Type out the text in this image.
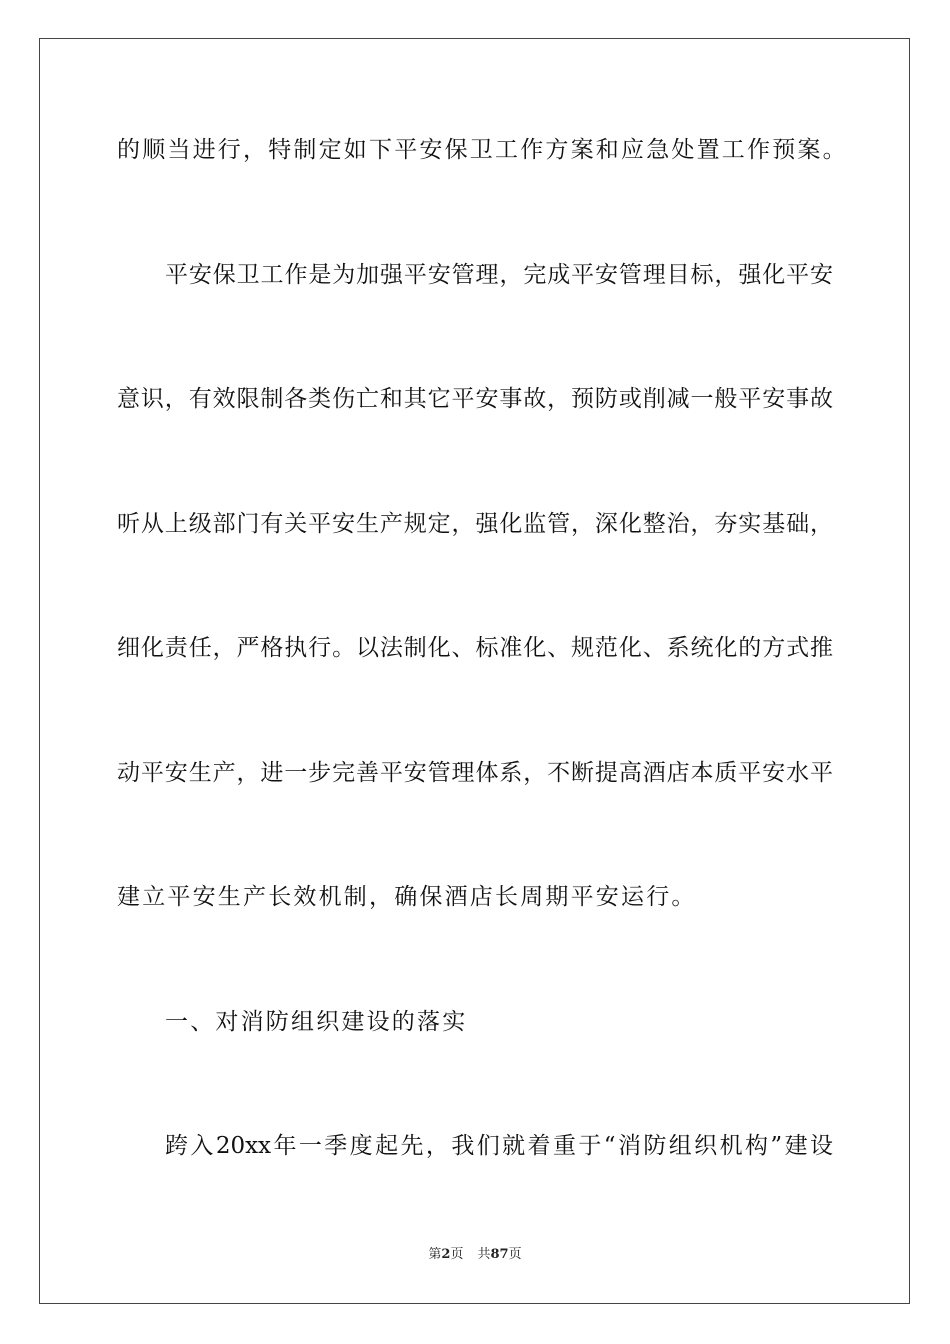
的顺当进行，特制定如下平安保卫工作方案和应急处置工作预案。
平安保卫工作是为加强平安管理，完成平安管理目标，强化平安
意识，有效限制各类伤亡和其它平安事故，预防或削减一般平安事故
听从上级部门有关平安生产规定，强化监管，深化整治，夯实基础，
细化责任，严格执行。以法制化、标准化、规范化、系统化的方式推
动平安生产，进一步完善平安管理体系，不断提高酒店本质平安水平
建立平安生产长效机制，确保酒店长周期平安运行。
一、对消防组织建设的落实
跨入20xx年一季度起先，我们就着重于“消防组织机构”建设
第2页 共87页
